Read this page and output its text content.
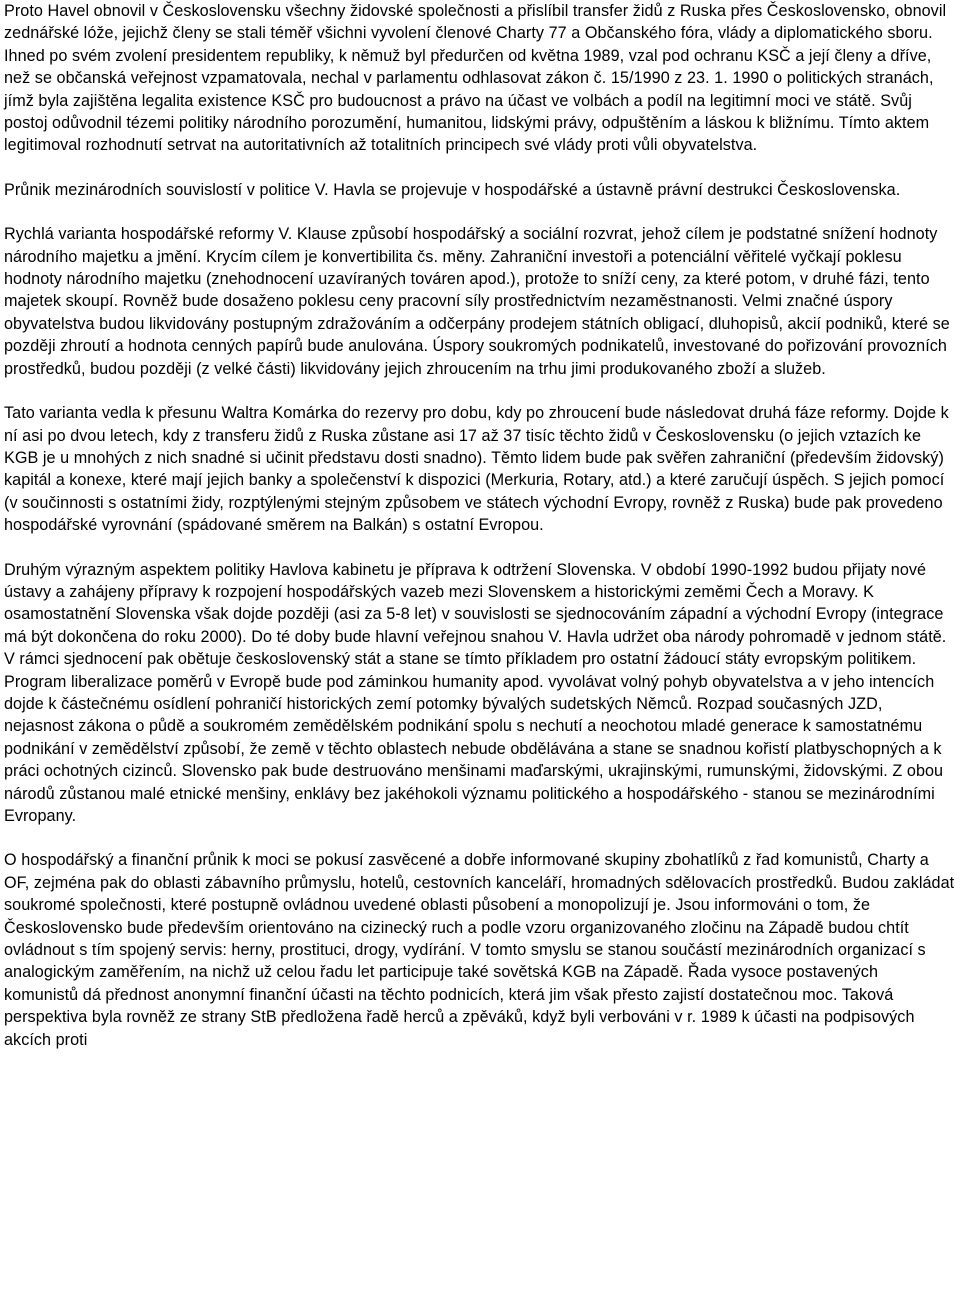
Proto Havel obnovil v Československu všechny židovské společnosti a přislíbil transfer židů z Ruska přes Československo, obnovil zednářské lóže, jejichž členy se stali téměř všichni vyvolení členové Charty 77 a Občanského fóra, vlády a diplomatického sboru. Ihned po svém zvolení presidentem republiky, k němuž byl předurčen od května 1989, vzal pod ochranu KSČ a její členy a dříve, než se občanská veřejnost vzpamatovala, nechal v parlamentu odhlasovat zákon č. 15/1990 z 23. 1. 1990 o politických stranách, jímž byla zajištěna legalita existence KSČ pro budoucnost a právo na účast ve volbách a podíl na legitimní moci ve státě. Svůj postoj odůvodnil tézemi politiky národního porozumění, humanitou, lidskými právy, odpuštěním a láskou k bližnímu. Tímto aktem legitimoval rozhodnutí setrvat na autoritativních až totalitních principech své vlády proti vůli obyvatelstva.

Průnik mezinárodních souvislostí v politice V. Havla se projevuje v hospodářské a ústavně právní destrukci Československa.

Rychlá varianta hospodářské reformy V. Klause způsobí hospodářský a sociální rozvrat, jehož cílem je podstatné snížení hodnoty národního majetku a jmění. Krycím cílem je konvertibilita čs. měny. Zahraniční investoři a potenciální věřitelé vyčkají poklesu hodnoty národního majetku (znehodnocení uzavíraných továren apod.), protože to sníží ceny, za které potom, v druhé fázi, tento majetek skoupí. Rovněž bude dosaženo poklesu ceny pracovní síly prostřednictvím nezaměstnanosti. Velmi značné úspory obyvatelstva budou likvidovány postupným zdražováním a odčerpány prodejem státních obligací, dluhopisů, akcií podniků, které se později zhroutí a hodnota cenných papírů bude anulována. Úspory soukromých podnikatelů, investované do pořizování provozních prostředků, budou později (z velké části) likvidovány jejich zhroucením na trhu jimi produkovaného zboží a služeb.

Tato varianta vedla k přesunu Waltra Komárka do rezervy pro dobu, kdy po zhroucení bude následovat druhá fáze reformy. Dojde k ní asi po dvou letech, kdy z transferu židů z Ruska zůstane asi 17 až 37 tisíc těchto židů v Československu (o jejich vztazích ke KGB je u mnohých z nich snadné si učinit představu dosti snadno). Těmto lidem bude pak svěřen zahraniční (především židovský) kapitál a konexe, které mají jejich banky a společenství k dispozici (Merkuria, Rotary, atd.) a které zaručují úspěch. S jejich pomocí (v součinnosti s ostatními židy, rozptýlenými stejným způsobem ve státech východní Evropy, rovněž z Ruska) bude pak provedeno hospodářské vyrovnání (spádované směrem na Balkán) s ostatní Evropou.

Druhým výrazným aspektem politiky Havlova kabinetu je příprava k odtržení Slovenska. V období 1990-1992 budou přijaty nové ústavy a zahájeny přípravy k rozpojení hospodářských vazeb mezi Slovenskem a historickými zeměmi Čech a Moravy. K osamostatnění Slovenska však dojde později (asi za 5-8 let) v souvislosti se sjednocováním západní a východní Evropy (integrace má být dokončena do roku 2000). Do té doby bude hlavní veřejnou snahou V. Havla udržet oba národy pohromadě v jednom státě. V rámci sjednocení pak obětuje československý stát a stane se tímto příkladem pro ostatní žádoucí státy evropským politikem. Program liberalizace poměrů v Evropě bude pod záminkou humanity apod. vyvolávat volný pohyb obyvatelstva a v jeho intencích dojde k částečnému osídlení pohraničí historických zemí potomky bývalých sudetských Němců. Rozpad současných JZD, nejasnost zákona o půdě a soukromém zemědělském podnikání spolu s nechutí a neochotou mladé generace k samostatnému podnikání v zemědělství způsobí, že země v těchto oblastech nebude obdělávána a stane se snadnou kořistí platbyschopných a k práci ochotných cizinců. Slovensko pak bude destruováno menšinami maďarskými, ukrajinskými, rumunskými, židovskými. Z obou národů zůstanou malé etnické menšiny, enklávy bez jakéhokoli významu politického a hospodářského - stanou se mezinárodními Evropany.

O hospodářský a finanční průnik k moci se pokusí zasvěcené a dobře informované skupiny zbohatlíků z řad komunistů, Charty a OF, zejména pak do oblasti zábavního průmyslu, hotelů, cestovních kanceláří, hromadných sdělovacích prostředků. Budou zakládat soukromé společnosti, které postupně ovládnou uvedené oblasti působení a monopolizují je. Jsou informováni o tom, že Československo bude především orientováno na cizinecký ruch a podle vzoru organizovaného zločinu na Západě budou chtít ovládnout s tím spojený servis: herny, prostituci, drogy, vydírání. V tomto smyslu se stanou součástí mezinárodních organizací s analogickým zaměřením, na nichž už celou řadu let participuje také sovětská KGB na Západě. Řada vysoce postavených komunistů dá přednost anonymní finanční účasti na těchto podnicích, která jim však přesto zajistí dostatečnou moc. Taková perspektiva byla rovněž ze strany StB předložena řadě herců a zpěváků, když byli verbováni v r. 1989 k účasti na podpisových akcích proti
